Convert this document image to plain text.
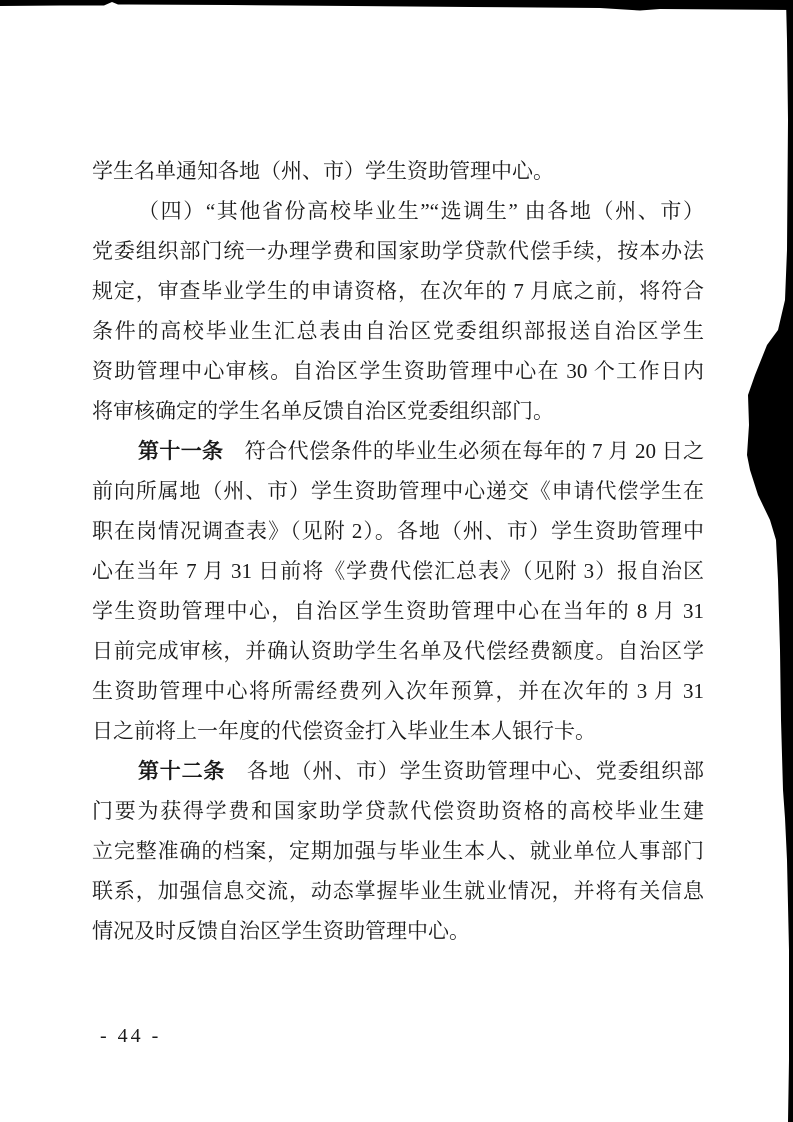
学生名单通知各地（州、市）学生资助管理中心。
（四）“其他省份高校毕业生”“选调生” 由各地（州、市）
党委组织部门统一办理学费和国家助学贷款代偿手续，按本办法
规定，审查毕业学生的申请资格，在次年的 7 月底之前，将符合
条件的高校毕业生汇总表由自治区党委组织部报送自治区学生
资助管理中心审核。自治区学生资助管理中心在 30 个工作日内
将审核确定的学生名单反馈自治区党委组织部门。
第十一条　符合代偿条件的毕业生必须在每年的 7 月 20 日之
前向所属地（州、市）学生资助管理中心递交《申请代偿学生在
职在岗情况调查表》（见附 2）。各地（州、市）学生资助管理中
心在当年 7 月 31 日前将《学费代偿汇总表》（见附 3）报自治区
学生资助管理中心，自治区学生资助管理中心在当年的 8 月 31
日前完成审核，并确认资助学生名单及代偿经费额度。自治区学
生资助管理中心将所需经费列入次年预算，并在次年的 3 月 31
日之前将上一年度的代偿资金打入毕业生本人银行卡。
第十二条　各地（州、市）学生资助管理中心、党委组织部
门要为获得学费和国家助学贷款代偿资助资格的高校毕业生建
立完整准确的档案，定期加强与毕业生本人、就业单位人事部门
联系，加强信息交流，动态掌握毕业生就业情况，并将有关信息
情况及时反馈自治区学生资助管理中心。
- 44 -
